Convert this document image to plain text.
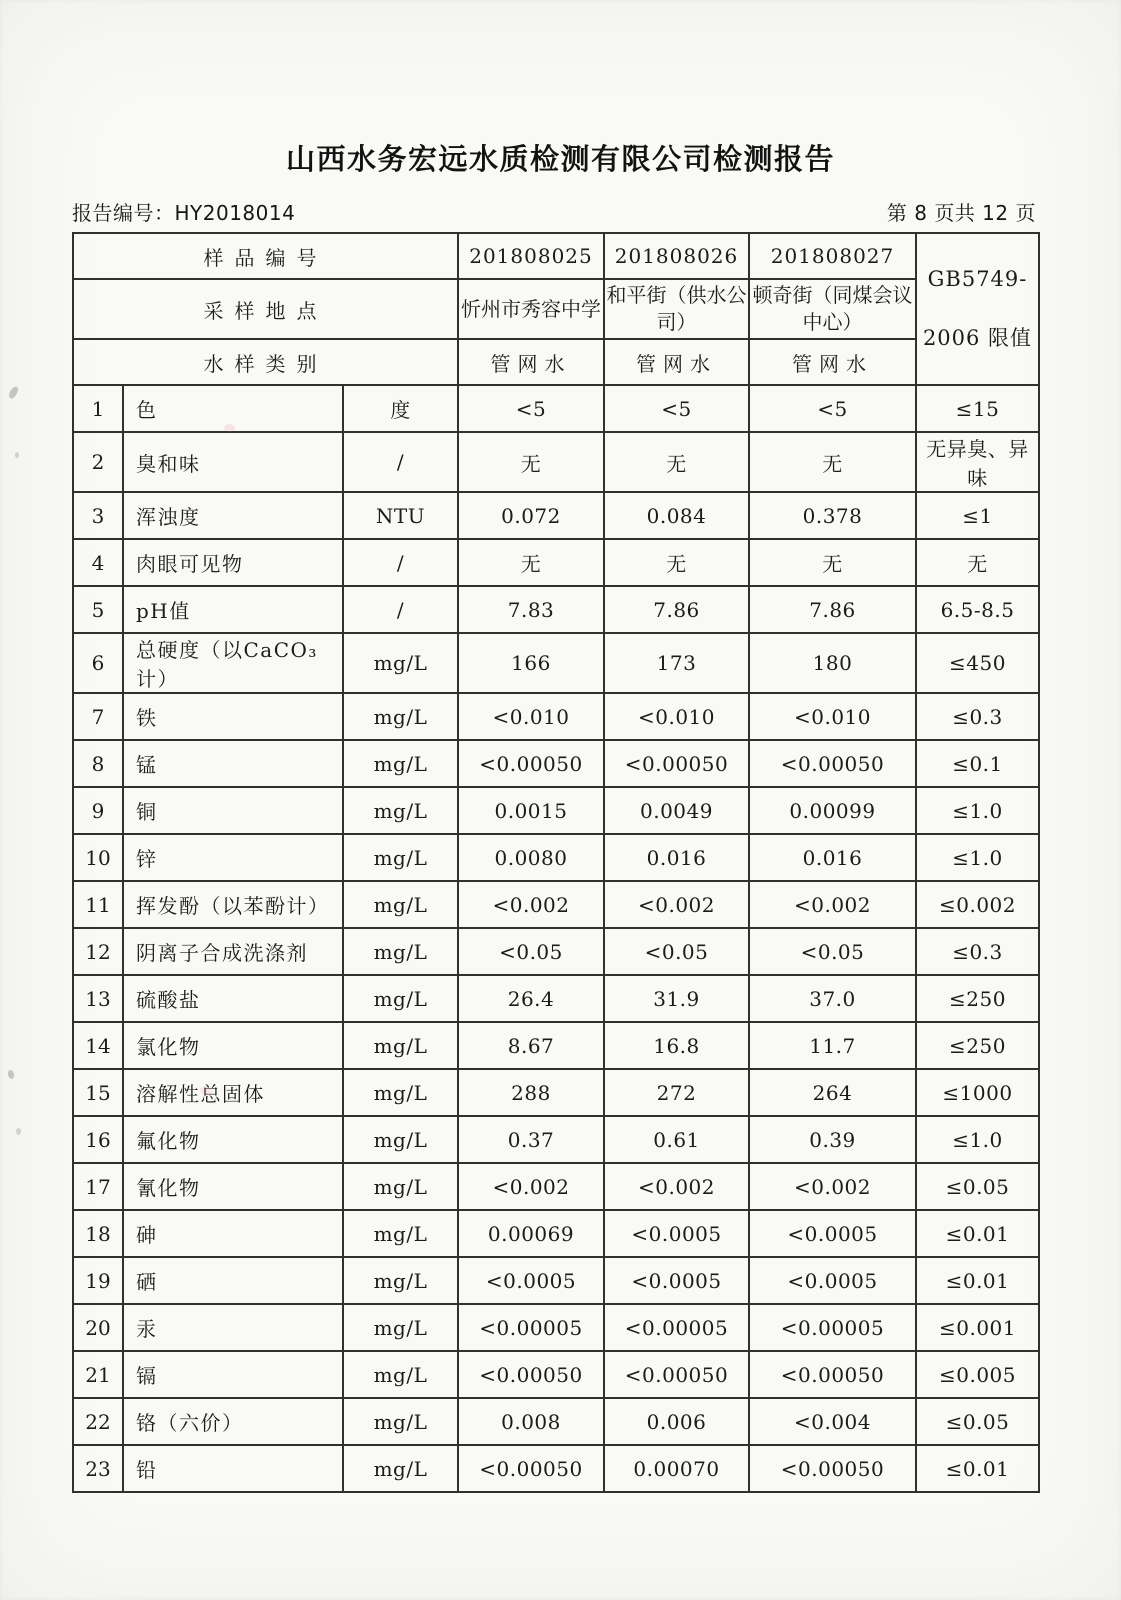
山西水务宏远水质检测有限公司检测报告
报告编号：HY2018014	第 8 页共 12 页
样品编号			201808025	201808026	201808027	GB5749-
2006 限值

采样地点			忻州市秀容中学	和平街（供水公司）	顿奇街（同煤会议中心）	
水样类别			管网水	管网水	管网水	
1	色	度	<5	<5	<5	≤15
2	臭和味	/	无	无	无	无异臭、异味
3	浑浊度	NTU	0.072	0.084	0.378	≤1
4	肉眼可见物	/	无	无	无	无
5	pH值	/	7.83	7.86	7.86	6.5-8.5
6	总硬度（以CaCO₃计）	mg/L	166	173	180	≤450
7	铁	mg/L	<0.010	<0.010	<0.010	≤0.3
8	锰	mg/L	<0.00050	<0.00050	<0.00050	≤0.1
9	铜	mg/L	0.0015	0.0049	0.00099	≤1.0
10	锌	mg/L	0.0080	0.016	0.016	≤1.0
11	挥发酚（以苯酚计）	mg/L	<0.002	<0.002	<0.002	≤0.002
12	阴离子合成洗涤剂	mg/L	<0.05	<0.05	<0.05	≤0.3
13	硫酸盐	mg/L	26.4	31.9	37.0	≤250
14	氯化物	mg/L	8.67	16.8	11.7	≤250
15	溶解性总固体	mg/L	288	272	264	≤1000
16	氟化物	mg/L	0.37	0.61	0.39	≤1.0
17	氰化物	mg/L	<0.002	<0.002	<0.002	≤0.05
18	砷	mg/L	0.00069	<0.0005	<0.0005	≤0.01
19	硒	mg/L	<0.0005	<0.0005	<0.0005	≤0.01
20	汞	mg/L	<0.00005	<0.00005	<0.00005	≤0.001
21	镉	mg/L	<0.00050	<0.00050	<0.00050	≤0.005
22	铬（六价）	mg/L	0.008	0.006	<0.004	≤0.05
23	铅	mg/L	<0.00050	0.00070	<0.00050	≤0.01
